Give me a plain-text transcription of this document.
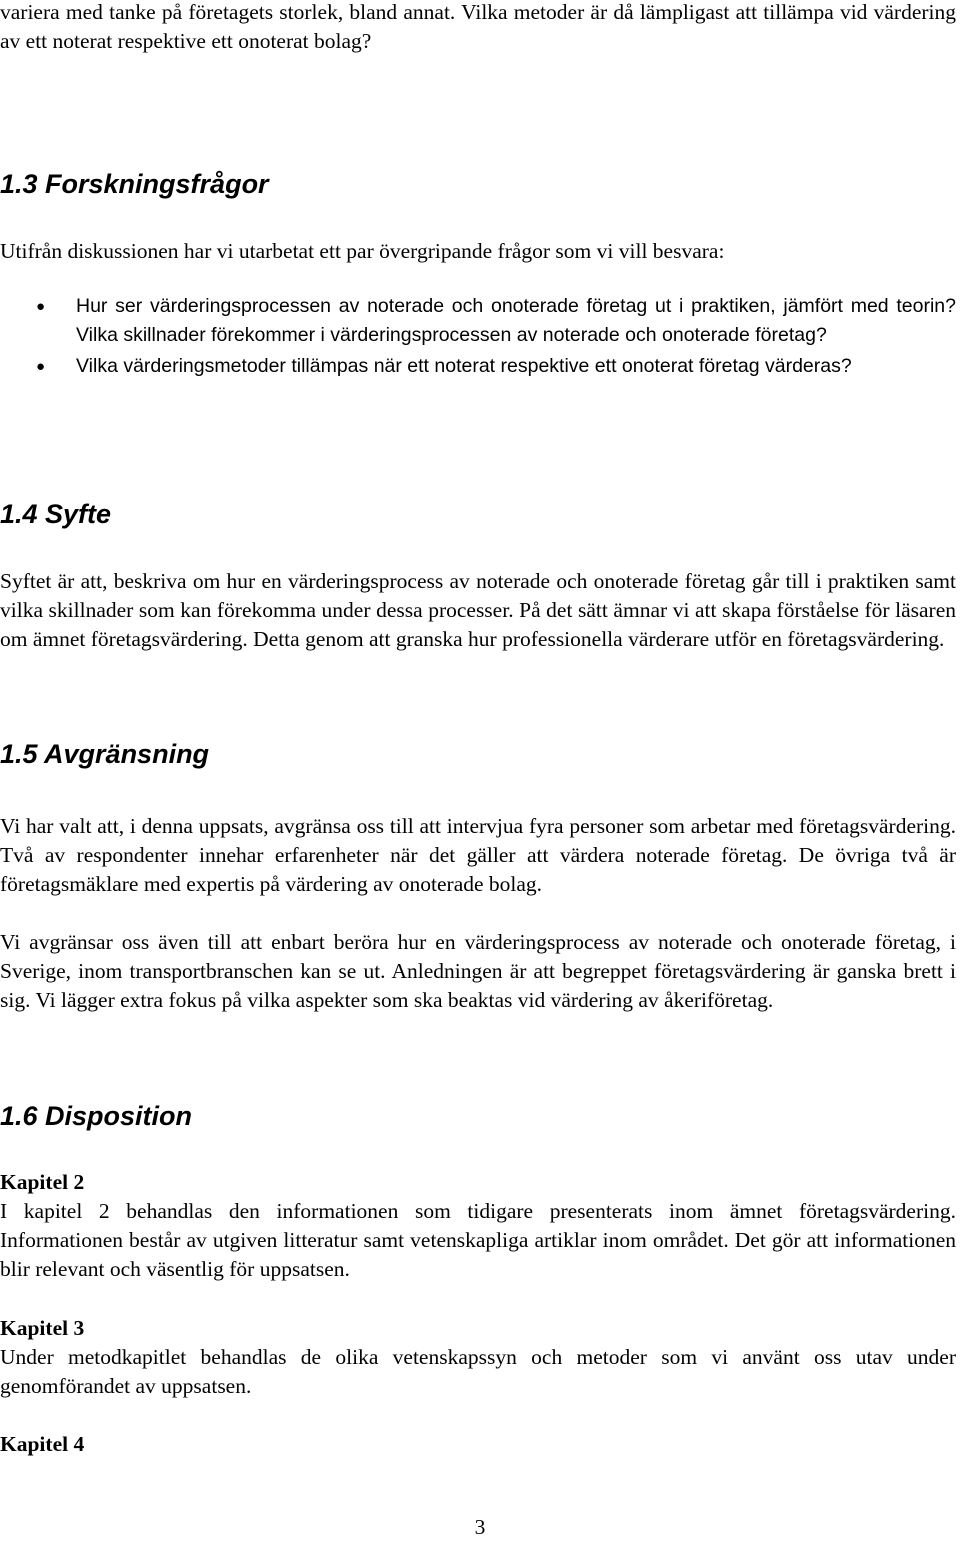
variera med tanke på företagets storlek, bland annat. Vilka metoder är då lämpligast att tillämpa vid värdering av ett noterat respektive ett onoterat bolag?

1.3 Forskningsfrågor

Utifrån diskussionen har vi utarbetat ett par övergripande frågor som vi vill besvara:

● Hur ser värderingsprocessen av noterade och onoterade företag ut i praktiken, jämfört med teorin? Vilka skillnader förekommer i värderingsprocessen av noterade och onoterade företag?
● Vilka värderingsmetoder tillämpas när ett noterat respektive ett onoterat företag värderas?
1.4 Syfte

Syftet är att, beskriva om hur en värderingsprocess av noterade och onoterade företag går till i praktiken samt vilka skillnader som kan förekomma under dessa processer. På det sätt ämnar vi att skapa förståelse för läsaren om ämnet företagsvärdering. Detta genom att granska hur professionella värderare utför en företagsvärdering.

1.5 Avgränsning

Vi har valt att, i denna uppsats, avgränsa oss till att intervjua fyra personer som arbetar med företagsvärdering. Två av respondenter innehar erfarenheter när det gäller att värdera noterade företag. De övriga två är företagsmäklare med expertis på värdering av onoterade bolag.

Vi avgränsar oss även till att enbart beröra hur en värderingsprocess av noterade och onoterade företag, i Sverige, inom transportbranschen kan se ut. Anledningen är att begreppet företagsvärdering är ganska brett i sig. Vi lägger extra fokus på vilka aspekter som ska beaktas vid värdering av åkeriföretag.

1.6 Disposition

Kapitel 2

I kapitel 2 behandlas den informationen som tidigare presenterats inom ämnet företagsvärdering. Informationen består av utgiven litteratur samt vetenskapliga artiklar inom området. Det gör att informationen blir relevant och väsentlig för uppsatsen.

Kapitel 3

Under metodkapitlet behandlas de olika vetenskapssyn och metoder som vi använt oss utav under genomförandet av uppsatsen.

Kapitel 4

3
